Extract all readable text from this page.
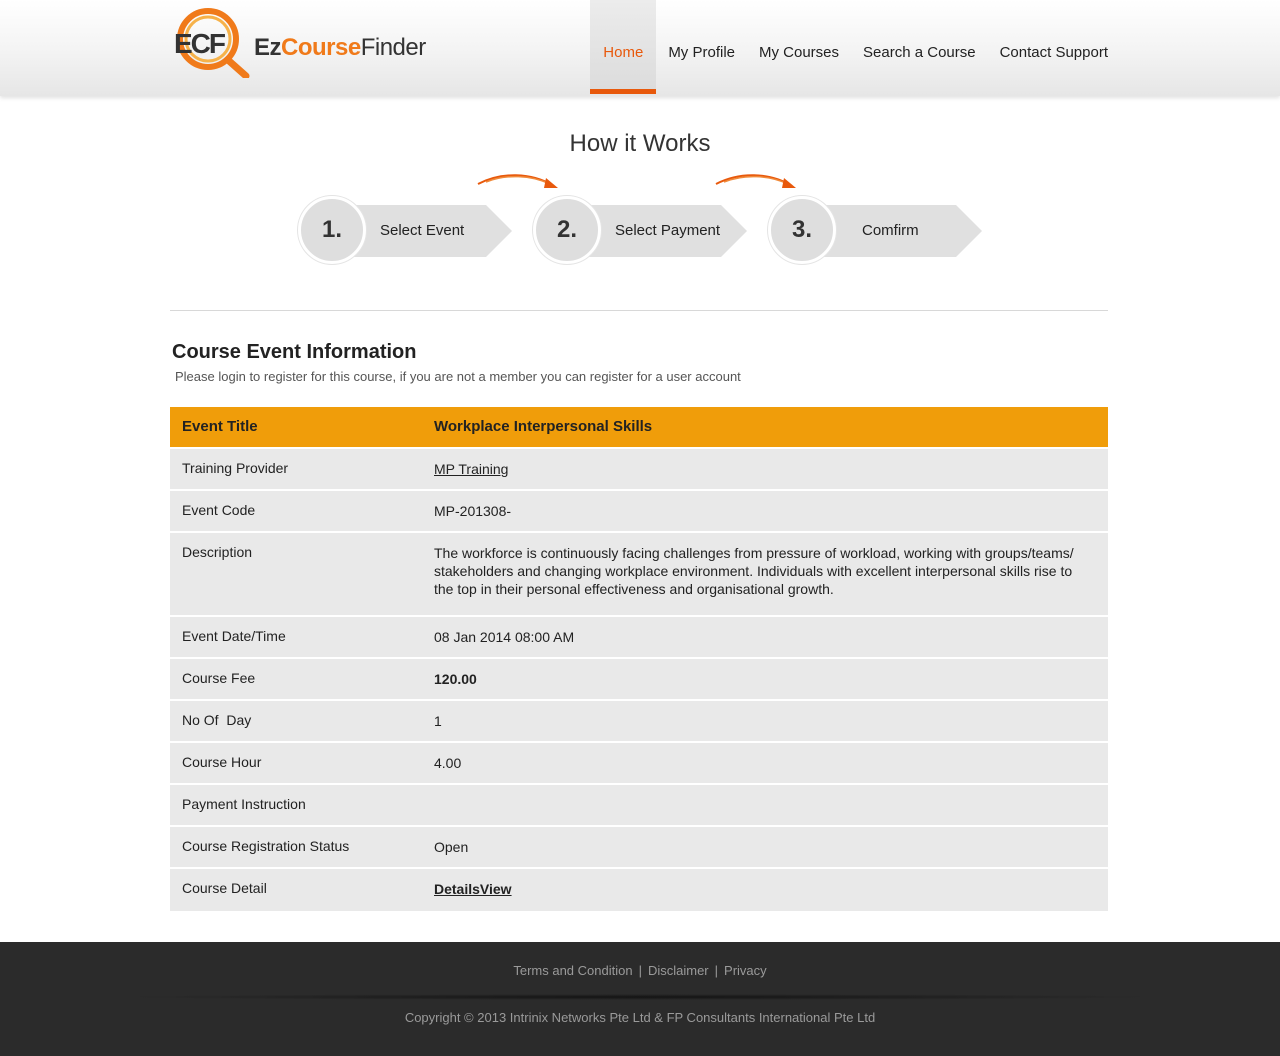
ECF EzCourseFinder	Home	My Profile	My Courses	Search a Course	Contact Support
How it Works
1.	Select Event	2.	Select Payment	3.	Comfirm
Course Event Information
Please login to register for this course, if you are not a member you can register for a user account
Event Title	Workplace Interpersonal Skills
Training Provider	MP Training
Event Code	MP-201308-
Description	The workforce is continuously facing challenges from pressure of workload, working with groups/teams/ stakeholders and changing workplace environment. Individuals with excellent interpersonal skills rise to the top in their personal effectiveness and organisational growth.
Event Date/Time	08 Jan 2014 08:00 AM
Course Fee	120.00
No Of  Day	1
Course Hour	4.00
Payment Instruction
Course Registration Status	Open
Course Detail	DetailsView
Terms and Condition | Disclaimer | Privacy
Copyright © 2013 Intrinix Networks Pte Ltd & FP Consultants International Pte Ltd
